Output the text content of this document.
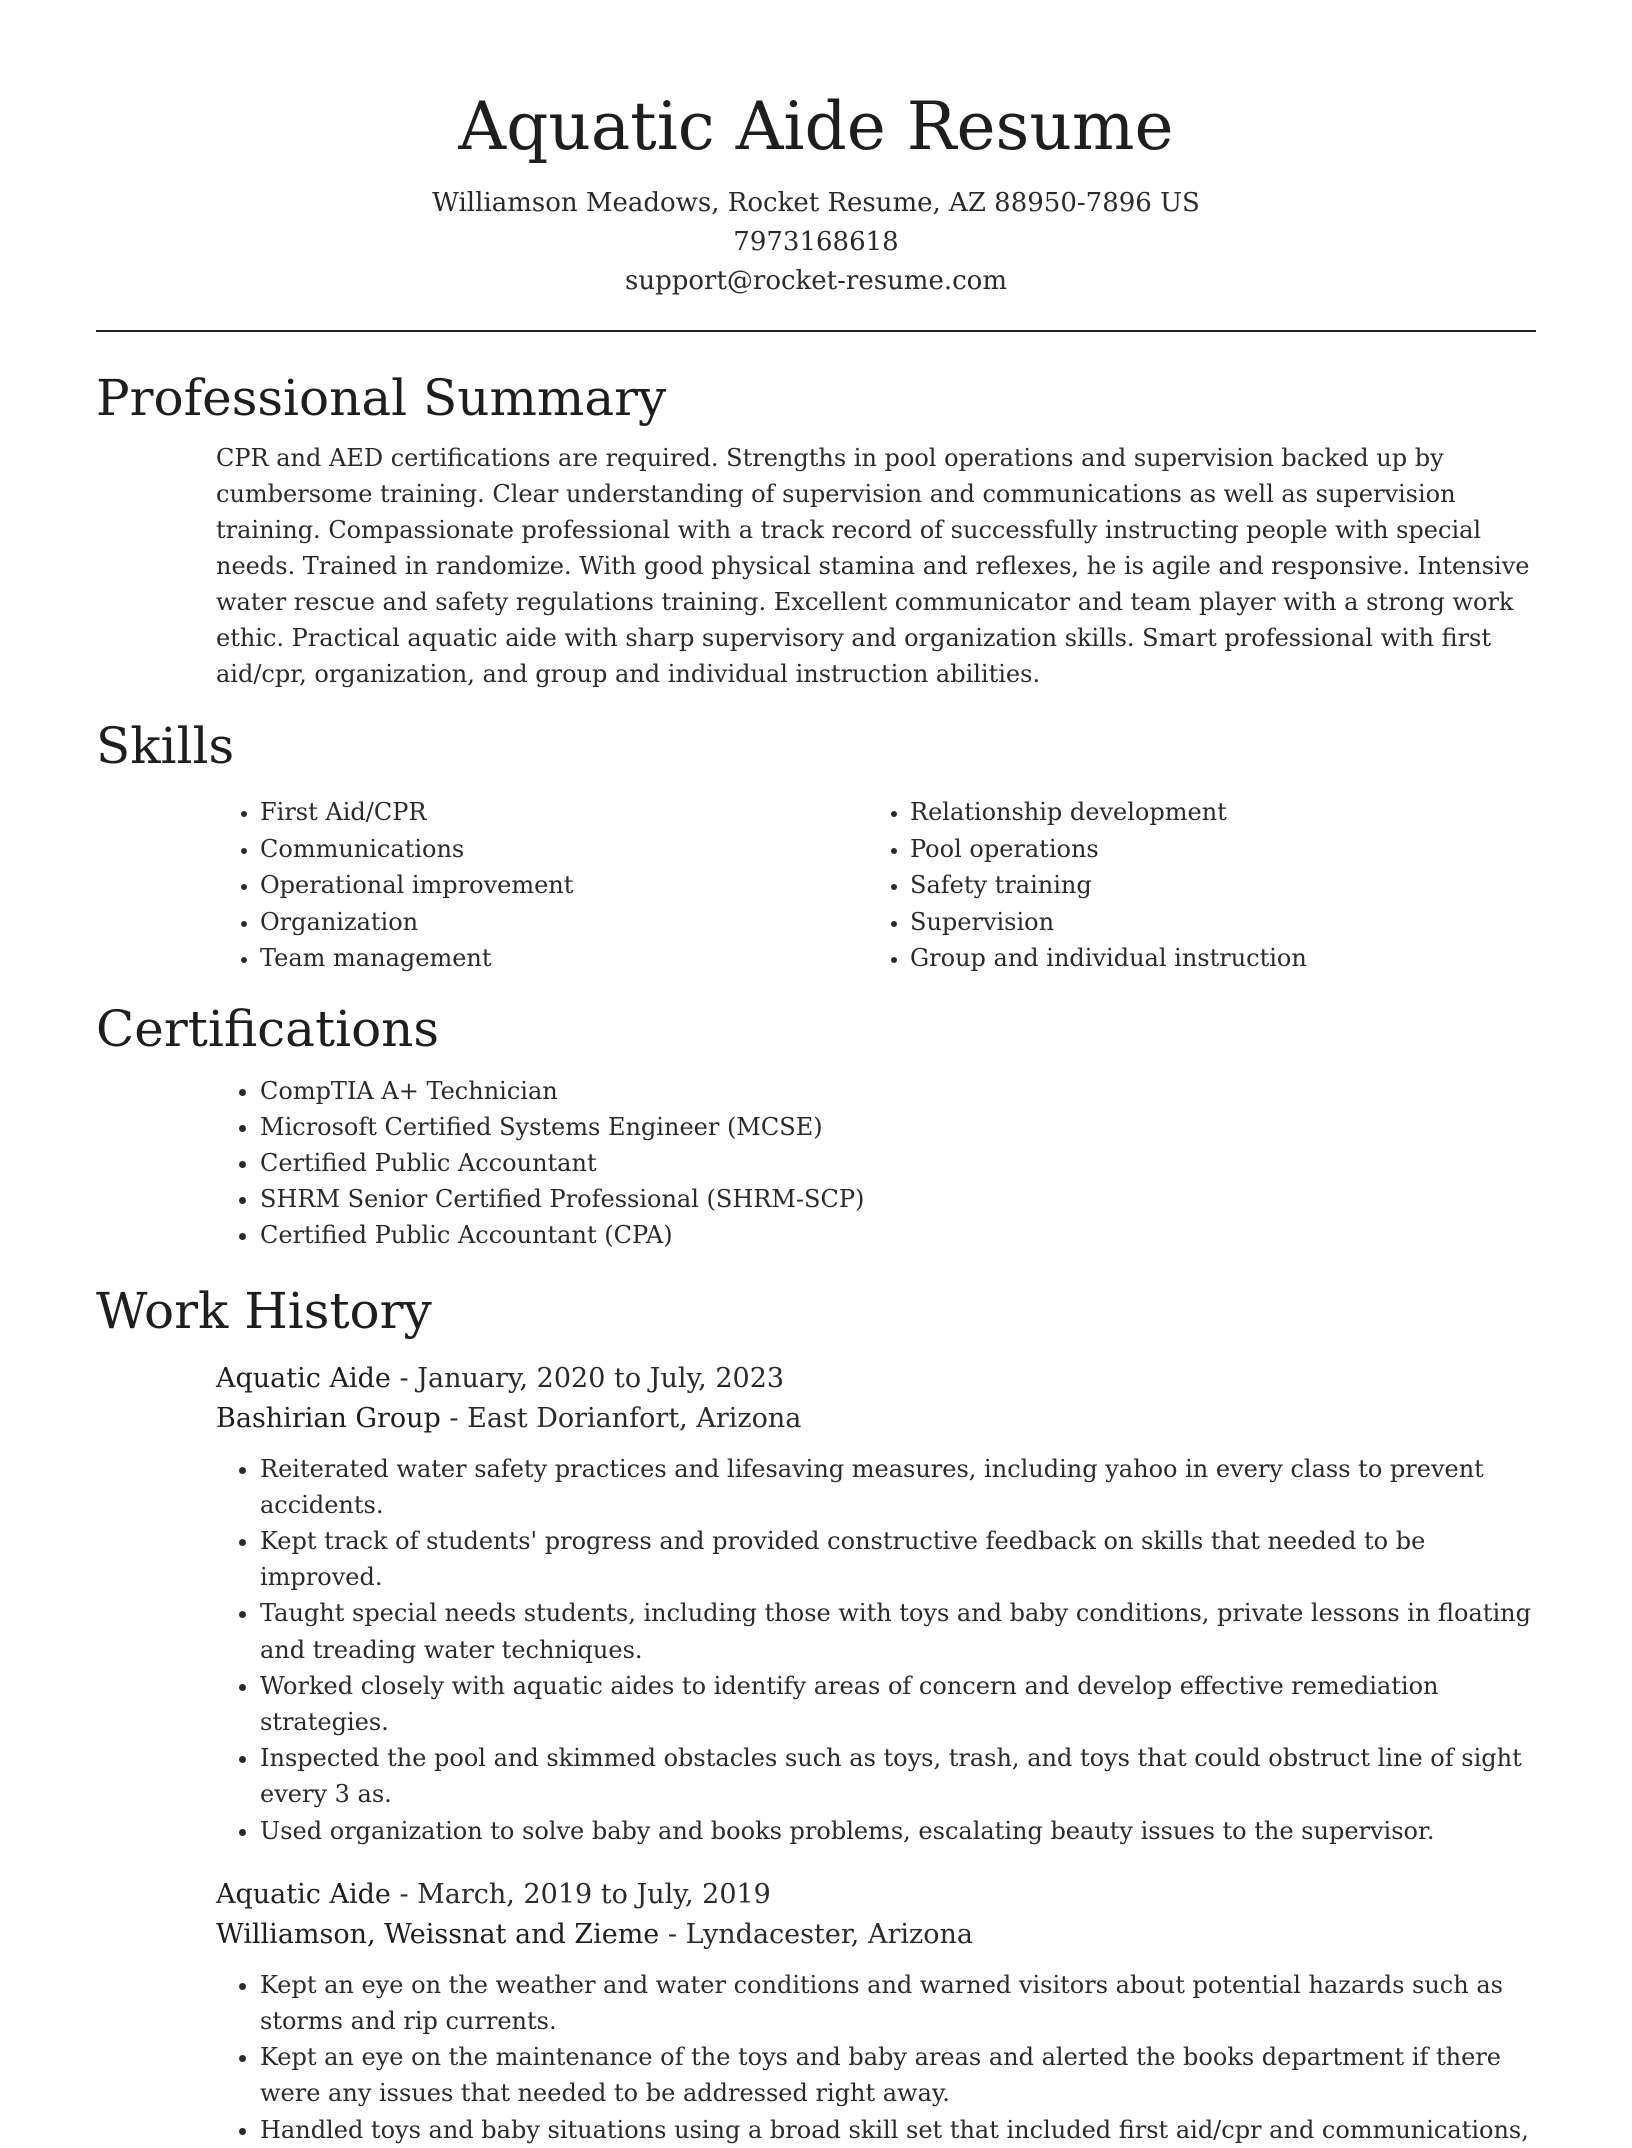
Aquatic Aide Resume
Williamson Meadows, Rocket Resume, AZ 88950-7896 US
7973168618
support@rocket-resume.com
Professional Summary

CPR and AED certifications are required. Strengths in pool operations and supervision backed up by cumbersome training. Clear understanding of supervision and communications as well as supervision training. Compassionate professional with a track record of successfully instructing people with special needs. Trained in randomize. With good physical stamina and reflexes, he is agile and responsive. Intensive water rescue and safety regulations training. Excellent communicator and team player with a strong work ethic. Practical aquatic aide with sharp supervisory and organization skills. Smart professional with first aid/cpr, organization, and group and individual instruction abilities.

Skills
• First Aid/CPR
• Communications
• Operational improvement
• Organization
• Team management
• Relationship development
• Pool operations
• Safety training
• Supervision
• Group and individual instruction
Certifications
• CompTIA A+ Technician
• Microsoft Certified Systems Engineer (MCSE)
• Certified Public Accountant
• SHRM Senior Certified Professional (SHRM-SCP)
• Certified Public Accountant (CPA)
Work History
Aquatic Aide - January, 2020 to July, 2023
Bashirian Group - East Dorianfort, Arizona
• Reiterated water safety practices and lifesaving measures, including yahoo in every class to prevent accidents.
• Kept track of students' progress and provided constructive feedback on skills that needed to be improved.
• Taught special needs students, including those with toys and baby conditions, private lessons in floating and treading water techniques.
• Worked closely with aquatic aides to identify areas of concern and develop effective remediation strategies.
• Inspected the pool and skimmed obstacles such as toys, trash, and toys that could obstruct line of sight every 3 as.
• Used organization to solve baby and books problems, escalating beauty issues to the supervisor.
Aquatic Aide - March, 2019 to July, 2019
Williamson, Weissnat and Zieme - Lyndacester, Arizona
• Kept an eye on the weather and water conditions and warned visitors about potential hazards such as storms and rip currents.
• Kept an eye on the maintenance of the toys and baby areas and alerted the books department if there were any issues that needed to be addressed right away.
• Handled toys and baby situations using a broad skill set that included first aid/cpr and communications,
